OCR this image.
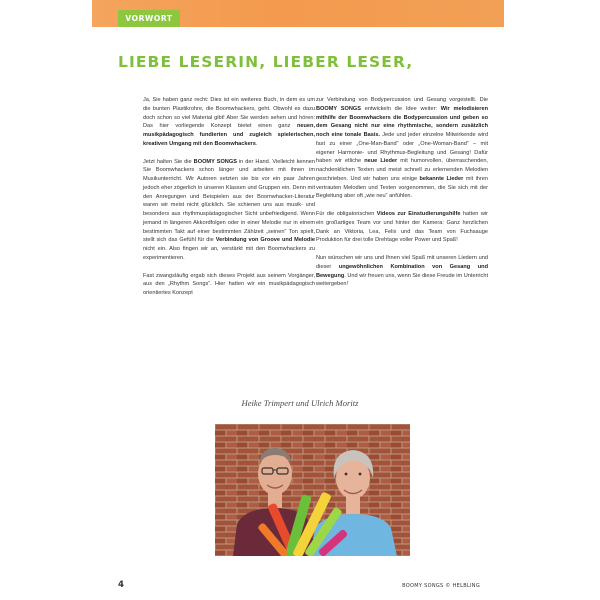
VORWORT
LIEBE LESERIN, LIEBER LESER,

Ja, Sie haben ganz recht: Dies ist ein weiteres Buch, in dem es um die bunten Plastikrohre, die Boomwhackers, geht. Obwohl es dazu doch schon so viel Material gibt! Aber Sie werden sehen und hören: Das hier vorliegende Konzept bietet einen ganz neuen, musikpädagogisch fundierten und zugleich spielerischen, kreativen Umgang mit den Boomwhackers.

Jetzt halten Sie die BOOMY SONGS in der Hand. Vielleicht kennen Sie Boomwhackers schon länger und arbeiten mit ihnen im Musikunterricht. Wir Autoren setzten sie bis vor ein paar Jahren jedoch eher zögerlich in unseren Klassen und Gruppen ein. Denn mit den Anregungen und Beispielen aus der Boomwhacker-Literatur waren wir meist nicht glücklich. Sie schienen uns aus musik- und besonders aus rhythmuspädagogischer Sicht unbefriedigend. Wenn jemand in längeren Akkordfolgen oder in einer Melodie nur in einem bestimmten Takt auf einer bestimmten Zählzeit „seinen“ Ton spielt, stellt sich das Gefühl für die Verbindung von Groove und Melodie nicht ein. Also fingen wir an, verstärkt mit den Boomwhackers zu experimentieren.

Fast zwangsläufig ergab sich dieses Projekt aus seinem Vorgänger, aus den „Rhythm Songs“. Hier hatten wir ein musikpädagogisch orientiertes Konzept

zur Verbindung von Bodypercussion und Gesang vorgestellt. Die BOOMY SONGS entwickeln die Idee weiter: Wir melodisieren mithilfe der Boomwhackers die Bodypercussion und geben so dem Gesang nicht nur eine rhythmische, sondern zusätzlich noch eine tonale Basis. Jede und jeder einzelne Mitwirkende wird fast zu einer „One-Man-Band“ oder „One-Woman-Band“ – mit eigener Harmonie- und Rhythmus-Begleitung und Gesang! Dafür haben wir etliche neue Lieder mit humorvollen, überraschenden, nachdenklichen Texten und meist schnell zu erlernenden Melodien geschrieben. Und wir haben uns einige bekannte Lieder mit ihren vertrauten Melodien und Texten vorgenommen, die Sie sich mit der Begleitung aber oft „wie neu“ anfühlen.

Für die obligatorischen Videos zur Einstudierungshilfe hatten wir ein großartiges Team vor und hinter der Kamera: Ganz herzlichen Dank an Viktoria, Lea, Felix und das Team von Fuchsauge Produktion für drei tolle Drehtage voller Power und Spaß!

Nun wünschen wir uns und Ihnen viel Spaß mit unseren Liedern und dieser ungewöhnlichen Kombination von Gesang und Bewegung. Und wir freuen uns, wenn Sie diese Freude im Unterricht weitergeben!

Heike Trimpert und Ulrich Moritz
4	BOOMY SONGS © HELBLING
